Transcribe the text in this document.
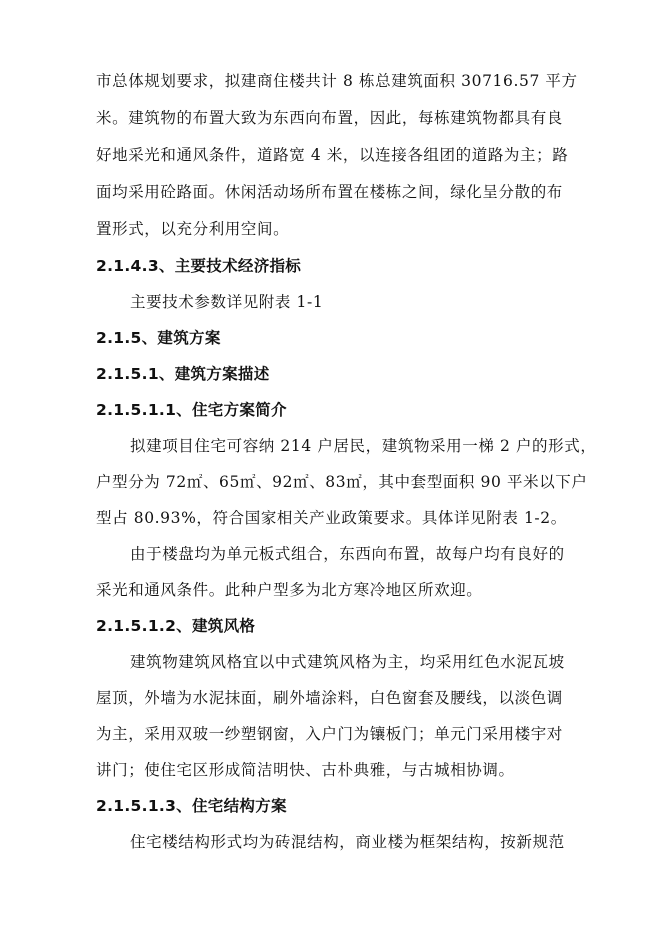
市总体规划要求，拟建商住楼共计 8 栋总建筑面积 30716.57 平方
米。建筑物的布置大致为东西向布置，因此，每栋建筑物都具有良
好地采光和通风条件，道路宽 4 米，以连接各组团的道路为主；路
面均采用砼路面。休闲活动场所布置在楼栋之间，绿化呈分散的布
置形式，以充分利用空间。
2.1.4.3、主要技术经济指标
主要技术参数详见附表 1-1
2.1.5、建筑方案
2.1.5.1、建筑方案描述
2.1.5.1.1、住宅方案简介
拟建项目住宅可容纳 214 户居民，建筑物采用一梯 2 户的形式，
户型分为 72㎡、65㎡、92㎡、83㎡，其中套型面积 90 平米以下户
型占 80.93%，符合国家相关产业政策要求。具体详见附表 1-2。
由于楼盘均为单元板式组合，东西向布置，故每户均有良好的
采光和通风条件。此种户型多为北方寒冷地区所欢迎。
2.1.5.1.2、建筑风格
建筑物建筑风格宜以中式建筑风格为主，均采用红色水泥瓦坡
屋顶，外墙为水泥抹面，刷外墙涂料，白色窗套及腰线，以淡色调
为主，采用双玻一纱塑钢窗，入户门为镶板门；单元门采用楼宇对
讲门；使住宅区形成简洁明快、古朴典雅，与古城相协调。
2.1.5.1.3、住宅结构方案
住宅楼结构形式均为砖混结构，商业楼为框架结构，按新规范
